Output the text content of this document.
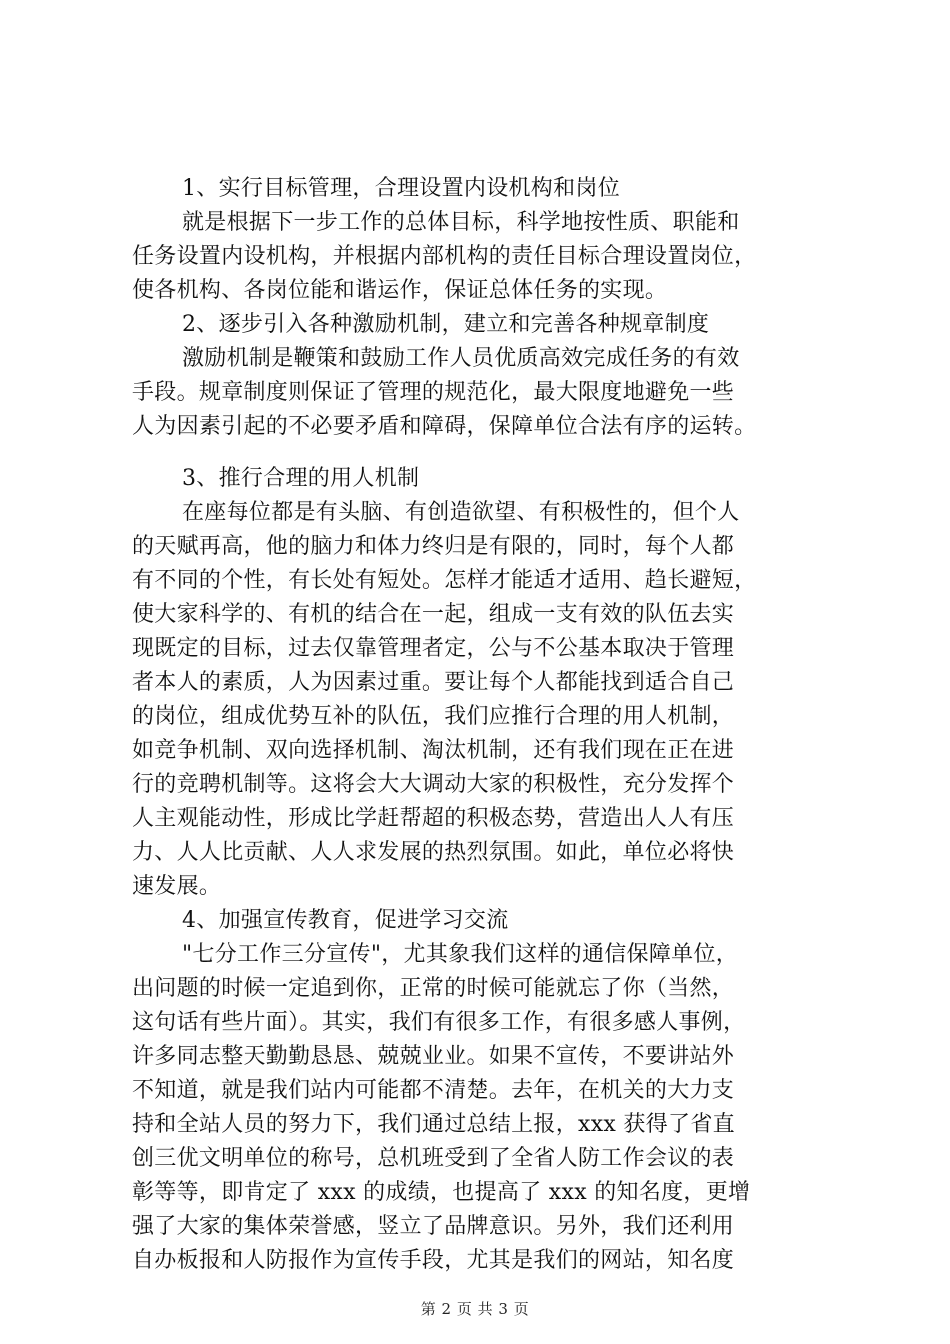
1、实行目标管理，合理设置内设机构和岗位
就是根据下一步工作的总体目标，科学地按性质、职能和
任务设置内设机构，并根据内部机构的责任目标合理设置岗位，
使各机构、各岗位能和谐运作，保证总体任务的实现。
2、逐步引入各种激励机制，建立和完善各种规章制度
激励机制是鞭策和鼓励工作人员优质高效完成任务的有效
手段。规章制度则保证了管理的规范化，最大限度地避免一些
人为因素引起的不必要矛盾和障碍，保障单位合法有序的运转。
3、推行合理的用人机制
在座每位都是有头脑、有创造欲望、有积极性的，但个人
的天赋再高，他的脑力和体力终归是有限的，同时，每个人都
有不同的个性，有长处有短处。怎样才能适才适用、趋长避短，
使大家科学的、有机的结合在一起，组成一支有效的队伍去实
现既定的目标，过去仅靠管理者定，公与不公基本取决于管理
者本人的素质，人为因素过重。要让每个人都能找到适合自己
的岗位，组成优势互补的队伍，我们应推行合理的用人机制，
如竞争机制、双向选择机制、淘汰机制，还有我们现在正在进
行的竞聘机制等。这将会大大调动大家的积极性，充分发挥个
人主观能动性，形成比学赶帮超的积极态势，营造出人人有压
力、人人比贡献、人人求发展的热烈氛围。如此，单位必将快
速发展。
4、加强宣传教育，促进学习交流
"七分工作三分宣传"，尤其象我们这样的通信保障单位，
出问题的时候一定追到你，正常的时候可能就忘了你（当然，
这句话有些片面）。其实，我们有很多工作，有很多感人事例，
许多同志整天勤勤恳恳、兢兢业业。如果不宣传，不要讲站外
不知道，就是我们站内可能都不清楚。去年，在机关的大力支
持和全站人员的努力下，我们通过总结上报，xxx 获得了省直
创三优文明单位的称号，总机班受到了全省人防工作会议的表
彰等等，即肯定了 xxx 的成绩，也提高了 xxx 的知名度，更增
强了大家的集体荣誉感，竖立了品牌意识。另外，我们还利用
自办板报和人防报作为宣传手段，尤其是我们的网站，知名度
第 2 页 共 3 页
